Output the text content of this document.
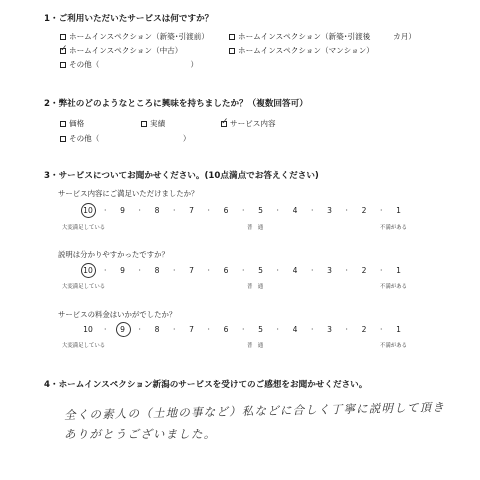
1・ご利用いただいたサービスは何ですか？
ホームインスペクション（新築･引渡前）	ホームインスペクション（新築･引渡後　　　カ月）
✓ ホームインスペクション（中古）	ホームインスペクション（マンション）
その他（　　　　　　　　　　　　）
2・弊社のどのようなところに興味を持ちましたか？（複数回答可）
価格	実績	✓ サービス内容
その他（　　　　　　　　　　　）
3・サービスについてお聞かせください。(10点満点でお答えください)
サービス内容にご満足いただけましたか？
10 ·	9	·	8	·	7	·	6	·	5	·	4	·	3	·	2	·	1
大変満足している	普　通	不満がある
説明は分かりやすかったですか？
10 ·	9	·	8	·	7	·	6	·	5	·	4	·	3	·	2	·	1
大変満足している	普　通	不満がある
サービスの料金はいかがでしたか？
10 ·	9	·	8	·	7	·	6	·	5	·	4	·	3	·	2	·	1
大変満足している	普　通	不満がある
4・ホームインスペクション新潟のサービスを受けてのご感想をお聞かせください。
全くの素人の（土地の事など）私などに合しく丁寧に説明して頂き
ありがとうございました。
